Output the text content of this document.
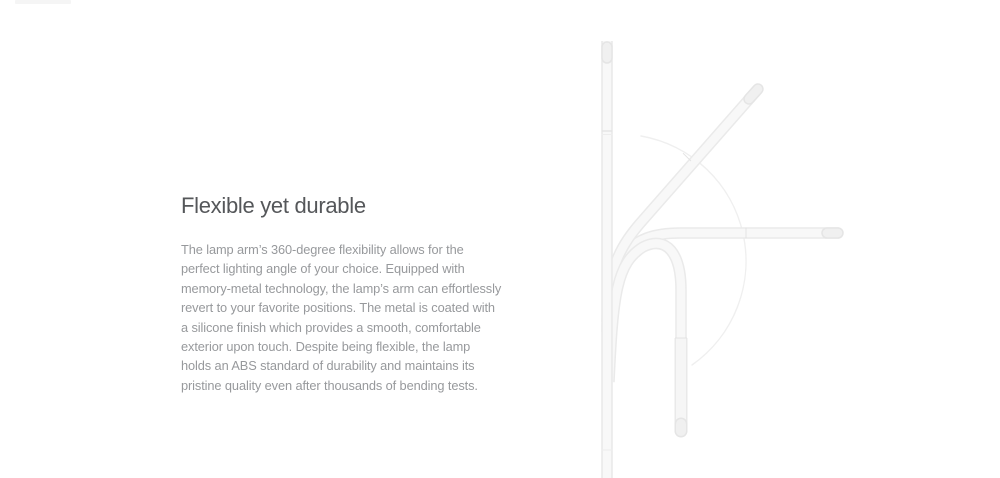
Flexible yet durable

The lamp arm’s 360-degree flexibility allows for the
perfect lighting angle of your choice. Equipped with
memory-metal technology, the lamp’s arm can effortlessly
revert to your favorite positions. The metal is coated with
a silicone finish which provides a smooth, comfortable
exterior upon touch. Despite being flexible, the lamp
holds an ABS standard of durability and maintains its
pristine quality even after thousands of bending tests.
